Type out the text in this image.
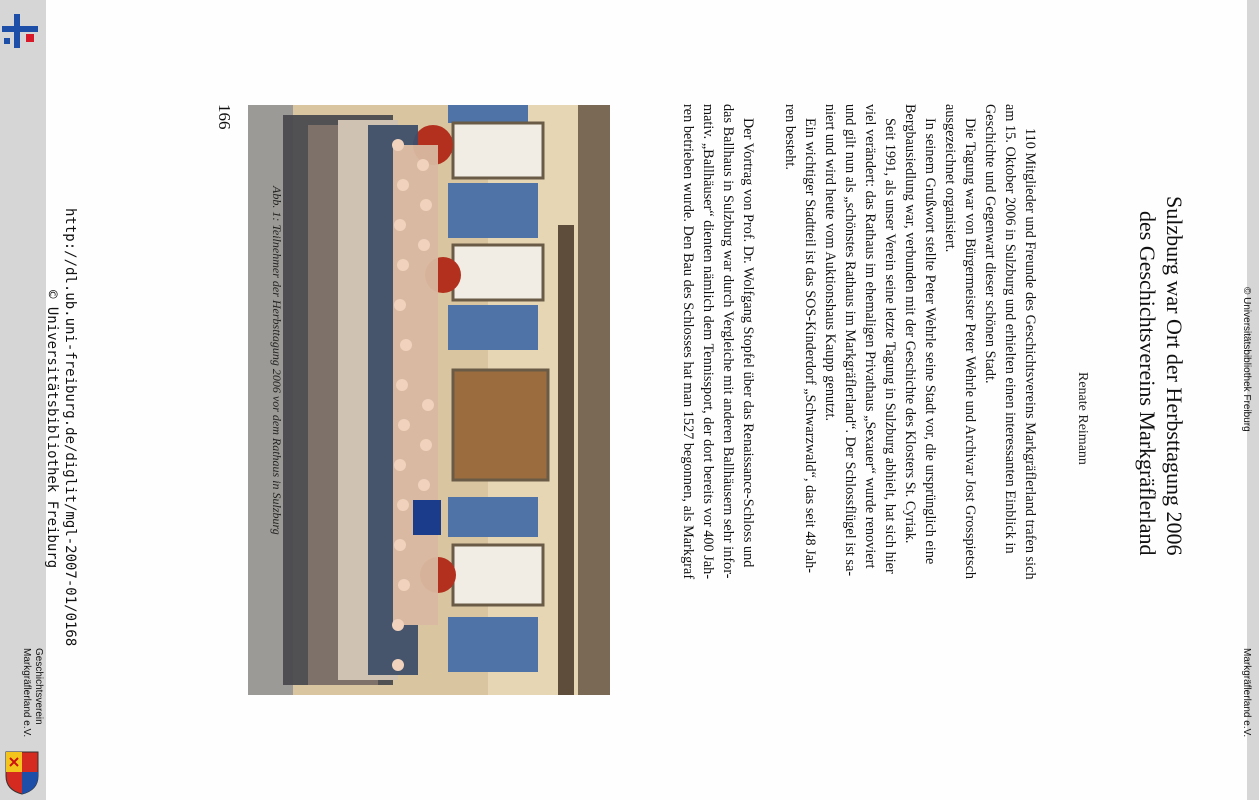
Sulzburg war Ort der Herbsttagung 2006
des Geschichtsvereins Markgräflerland
Renate Reimann
110 Mitglieder und Freunde des Geschichtsvereins Markgräflerland trafen sich
am 15. Oktober 2006 in Sulzburg und erhielten einen interessanten Einblick in
Geschichte und Gegenwart dieser schönen Stadt.
Die Tagung war von Bürgermeister Peter Wehrle und Archivar Jost Grosspietsch
ausgezeichnet organisiert.
In seinem Grußwort stellte Peter Wehrle seine Stadt vor, die ursprünglich eine
Bergbausiedlung war, verbunden mit der Geschichte des Klosters St. Cyriak.
Seit 1991, als unser Verein seine letzte Tagung in Sulzburg abhielt, hat sich hier
viel verändert: das Rathaus im ehemaligen Privathaus „Sexauer“ wurde renoviert
und gilt nun als „schönstes Rathaus im Markgräflerland“. Der Schlossflügel ist sa-
niert und wird heute vom Auktionshaus Kaupp genutzt.
Ein wichtiger Stadtteil ist das SOS-Kinderdorf „Schwarzwald“, das seit 48 Jah-
ren besteht.
Der Vortrag von Prof. Dr. Wolfgang Stopfel über das Renaissance-Schloss und
das Ballhaus in Sulzburg war durch Vergleiche mit anderen Ballhäusern sehr infor-
mativ. „Ballhäuser“ dienten nämlich dem Tennissport, der dort bereits vor 400 Jah-
ren betrieben wurde. Den Bau des Schlosses hat man 1527 begonnen, als Markgraf
Abb. 1: Teilnehmer der Herbsttagung 2006 vor dem Rathaus in Sulzburg
166
http://dl.ub.uni-freiburg.de/diglit/mgl-2007-01/0168
© Universitätsbibliothek Freiburg
Geschichtsverein
Markgräflerland e.V.
© Universitätsbibliothek Freiburg
Markgräflerland e.V.
